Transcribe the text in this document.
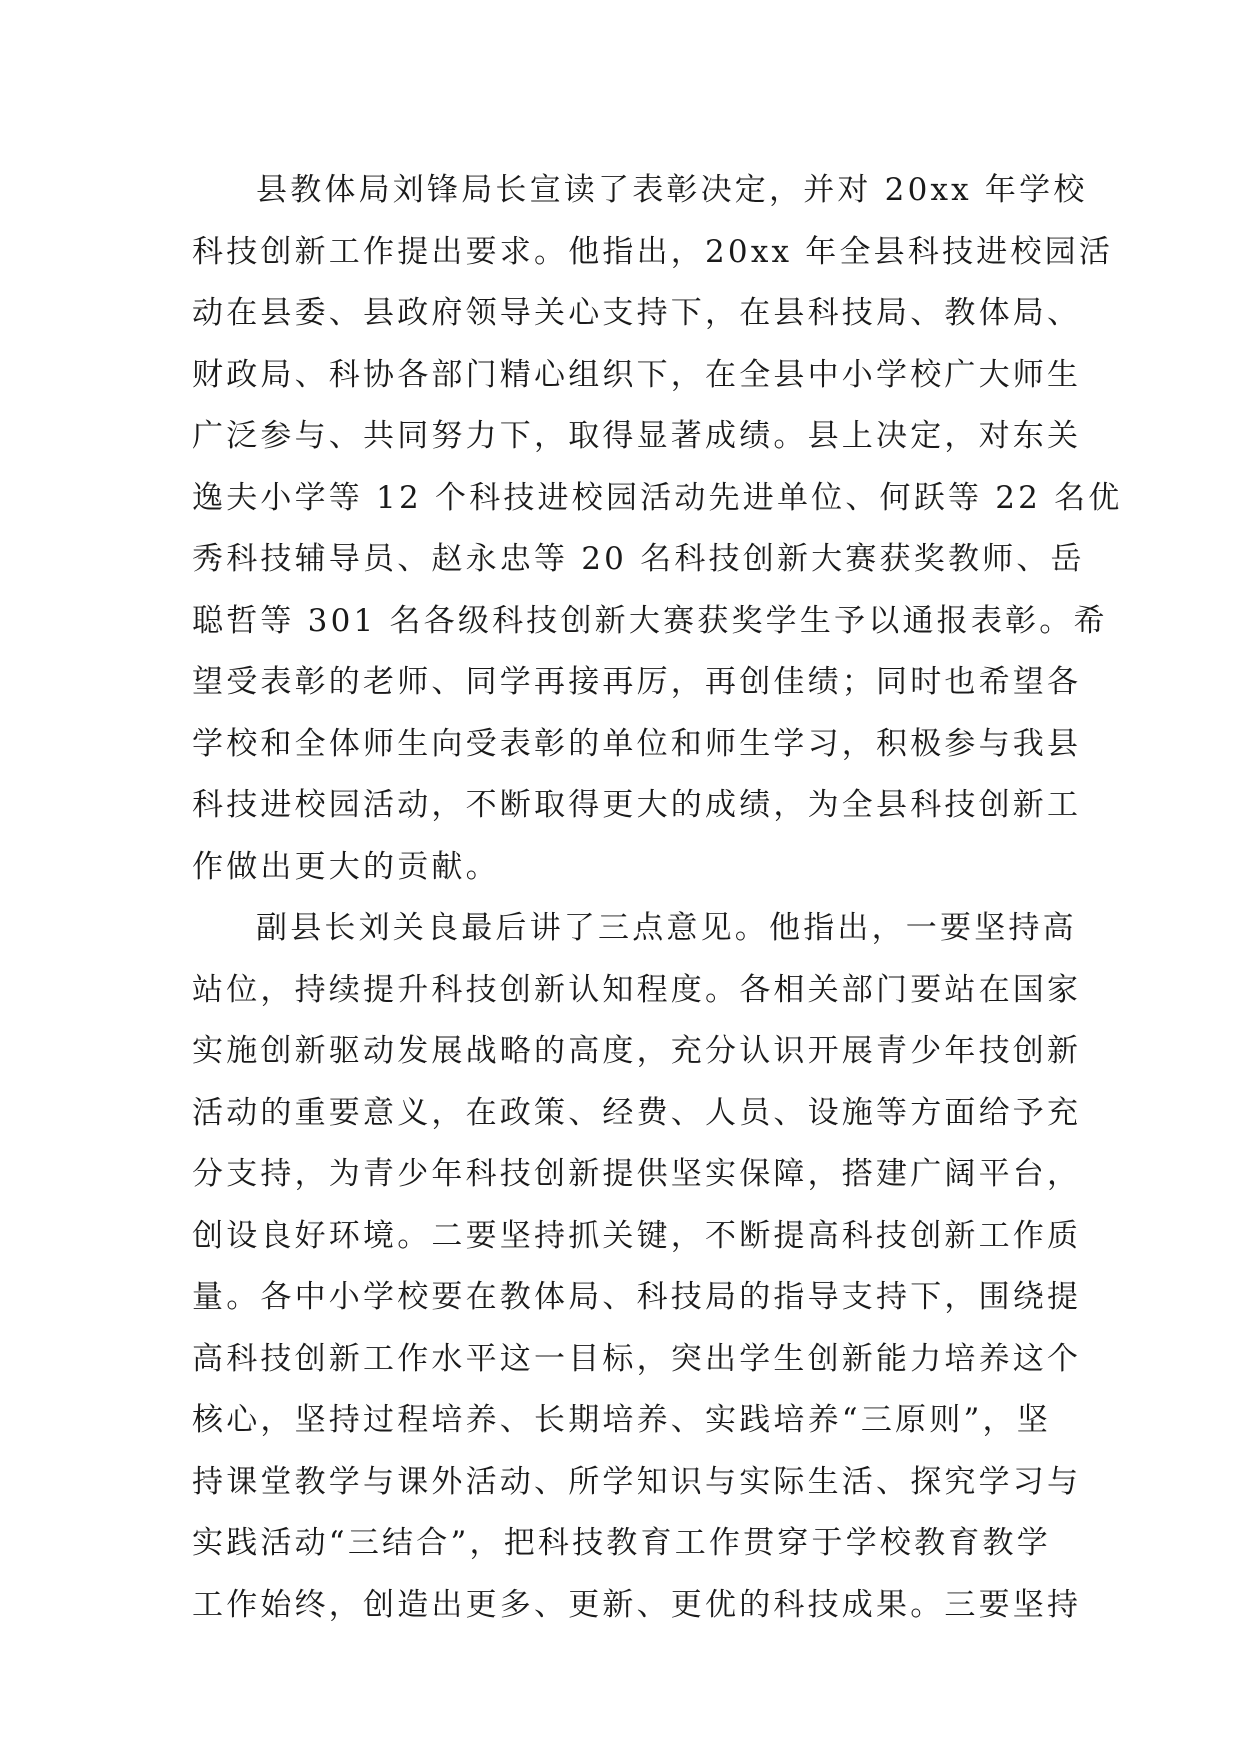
县教体局刘锋局长宣读了表彰决定，并对 20xx 年学校
科技创新工作提出要求。他指出，20xx 年全县科技进校园活
动在县委、县政府领导关心支持下，在县科技局、教体局、
财政局、科协各部门精心组织下，在全县中小学校广大师生
广泛参与、共同努力下，取得显著成绩。县上决定，对东关
逸夫小学等 12 个科技进校园活动先进单位、何跃等 22 名优
秀科技辅导员、赵永忠等 20 名科技创新大赛获奖教师、岳
聪哲等 301 名各级科技创新大赛获奖学生予以通报表彰。希
望受表彰的老师、同学再接再厉，再创佳绩；同时也希望各
学校和全体师生向受表彰的单位和师生学习，积极参与我县
科技进校园活动，不断取得更大的成绩，为全县科技创新工
作做出更大的贡献。
副县长刘关良最后讲了三点意见。他指出，一要坚持高
站位，持续提升科技创新认知程度。各相关部门要站在国家
实施创新驱动发展战略的高度，充分认识开展青少年技创新
活动的重要意义，在政策、经费、人员、设施等方面给予充
分支持，为青少年科技创新提供坚实保障，搭建广阔平台，
创设良好环境。二要坚持抓关键，不断提高科技创新工作质
量。各中小学校要在教体局、科技局的指导支持下，围绕提
高科技创新工作水平这一目标，突出学生创新能力培养这个
核心，坚持过程培养、长期培养、实践培养“三原则”，坚
持课堂教学与课外活动、所学知识与实际生活、探究学习与
实践活动“三结合”，把科技教育工作贯穿于学校教育教学
工作始终，创造出更多、更新、更优的科技成果。三要坚持
